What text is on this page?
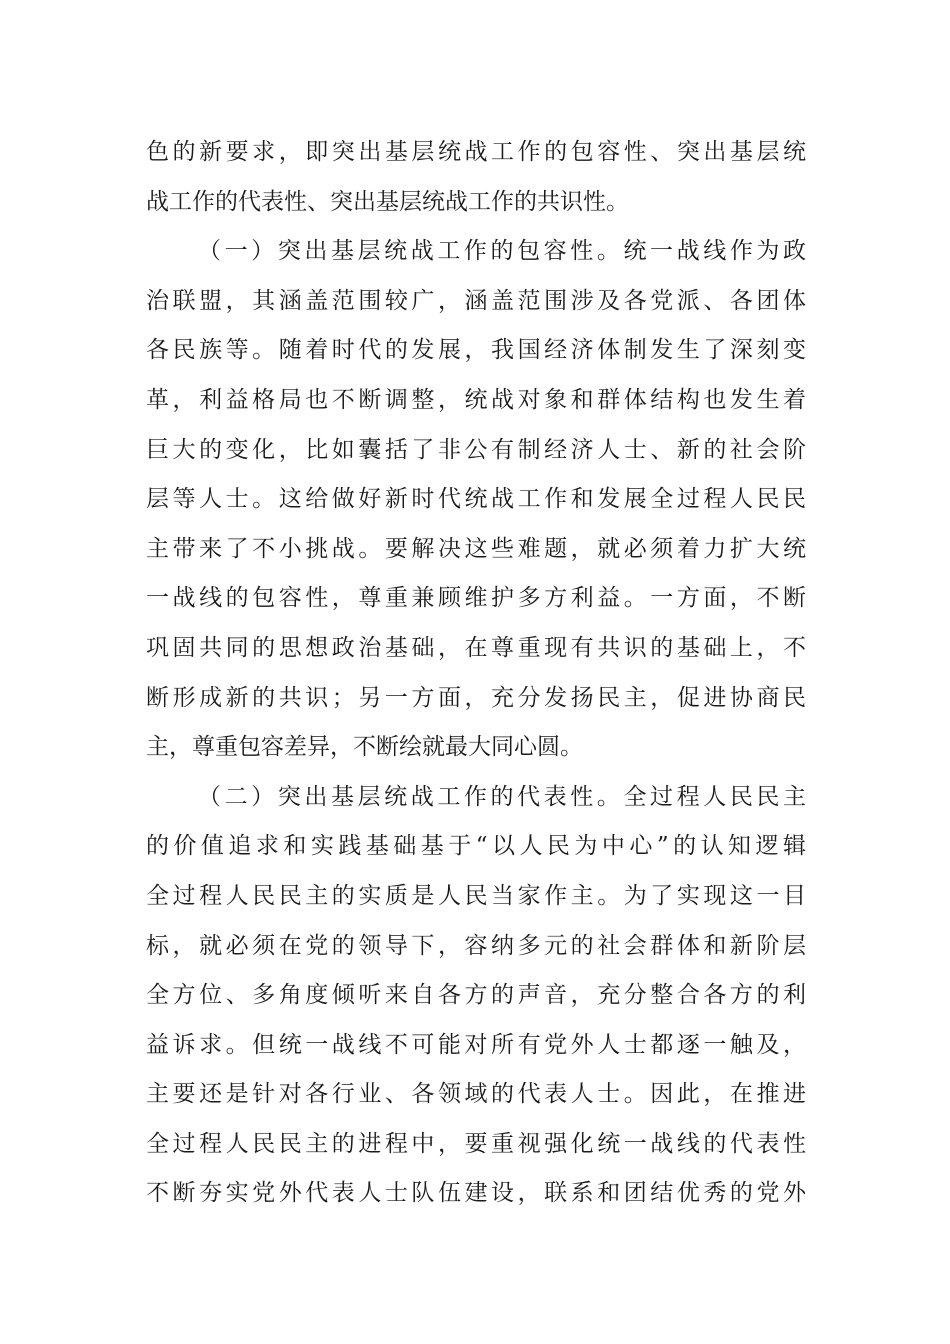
色的新要求，即突出基层统战工作的包容性、突出基层统
战工作的代表性、突出基层统战工作的共识性。
（一）突出基层统战工作的包容性。统一战线作为政
治联盟，其涵盖范围较广，涵盖范围涉及各党派、各团体
各民族等。随着时代的发展，我国经济体制发生了深刻变
革，利益格局也不断调整，统战对象和群体结构也发生着
巨大的变化，比如囊括了非公有制经济人士、新的社会阶
层等人士。这给做好新时代统战工作和发展全过程人民民
主带来了不小挑战。要解决这些难题，就必须着力扩大统
一战线的包容性，尊重兼顾维护多方利益。一方面，不断
巩固共同的思想政治基础，在尊重现有共识的基础上，不
断形成新的共识；另一方面，充分发扬民主，促进协商民
主，尊重包容差异，不断绘就最大同心圆。
（二）突出基层统战工作的代表性。全过程人民民主
的价值追求和实践基础基于“以人民为中心”的认知逻辑
全过程人民民主的实质是人民当家作主。为了实现这一目
标，就必须在党的领导下，容纳多元的社会群体和新阶层
全方位、多角度倾听来自各方的声音，充分整合各方的利
益诉求。但统一战线不可能对所有党外人士都逐一触及，
主要还是针对各行业、各领域的代表人士。因此，在推进
全过程人民民主的进程中，要重视强化统一战线的代表性
不断夯实党外代表人士队伍建设，联系和团结优秀的党外
